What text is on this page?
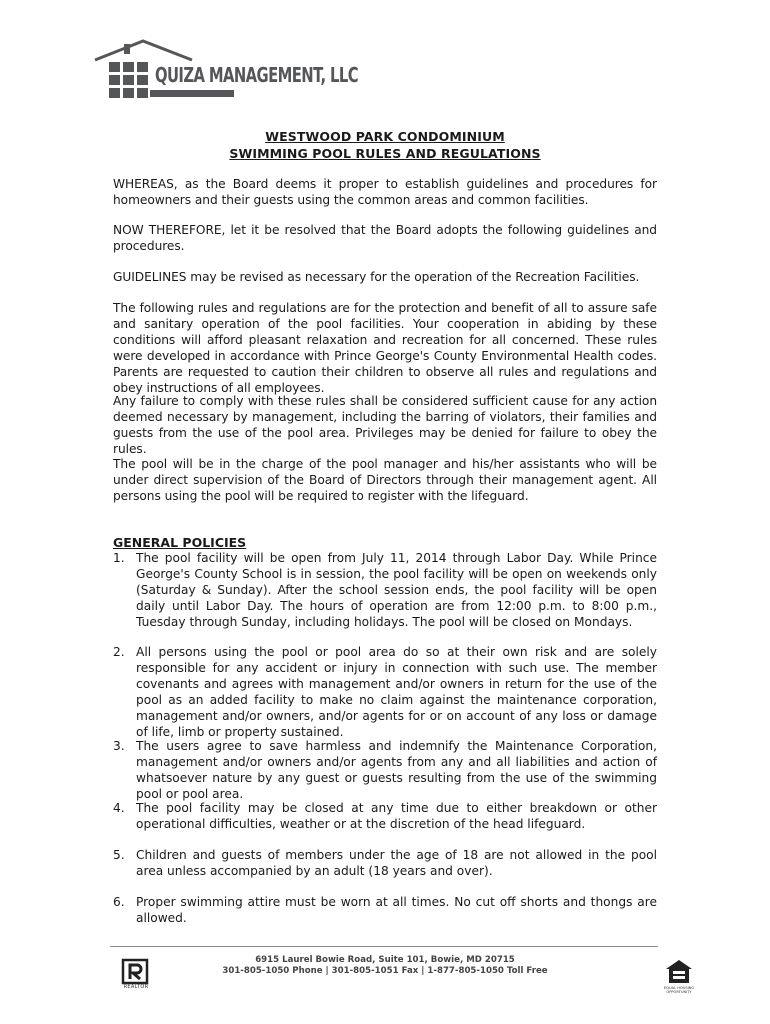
QUIZA MANAGEMENT, LLC
WESTWOOD PARK CONDOMINIUM
SWIMMING POOL RULES AND REGULATIONS

WHEREAS, as the Board deems it proper to establish guidelines and procedures for homeowners and their guests using the common areas and common facilities.

NOW THEREFORE, let it be resolved that the Board adopts the following guidelines and procedures.

GUIDELINES may be revised as necessary for the operation of the Recreation Facilities.

The following rules and regulations are for the protection and benefit of all to assure safe and sanitary operation of the pool facilities. Your cooperation in abiding by these conditions will afford pleasant relaxation and recreation for all concerned. These rules were developed in accordance with Prince George's County Environmental Health codes. Parents are requested to caution their children to observe all rules and regulations and obey instructions of all employees.

Any failure to comply with these rules shall be considered sufficient cause for any action deemed necessary by management, including the barring of violators, their families and guests from the use of the pool area. Privileges may be denied for failure to obey the rules.

The pool will be in the charge of the pool manager and his/her assistants who will be under direct supervision of the Board of Directors through their management agent. All persons using the pool will be required to register with the lifeguard.

GENERAL POLICIES
1. The pool facility will be open from July 11, 2014 through Labor Day. While Prince George's County School is in session, the pool facility will be open on weekends only (Saturday & Sunday). After the school session ends, the pool facility will be open daily until Labor Day. The hours of operation are from 12:00 p.m. to 8:00 p.m., Tuesday through Sunday, including holidays. The pool will be closed on Mondays.
2. All persons using the pool or pool area do so at their own risk and are solely responsible for any accident or injury in connection with such use. The member covenants and agrees with management and/or owners in return for the use of the pool as an added facility to make no claim against the maintenance corporation, management and/or owners, and/or agents for or on account of any loss or damage of life, limb or property sustained.
3. The users agree to save harmless and indemnify the Maintenance Corporation, management and/or owners and/or agents from any and all liabilities and action of whatsoever nature by any guest or guests resulting from the use of the swimming pool or pool area.
4. The pool facility may be closed at any time due to either breakdown or other operational difficulties, weather or at the discretion of the head lifeguard.
5. Children and guests of members under the age of 18 are not allowed in the pool area unless accompanied by an adult (18 years and over).
6. Proper swimming attire must be worn at all times. No cut off shorts and thongs are allowed.
REALTOR
6915 Laurel Bowie Road, Suite 101, Bowie, MD 20715
301-805-1050 Phone | 301-805-1051 Fax | 1-877-805-1050 Toll Free
EQUAL HOUSING OPPORTUNITY
